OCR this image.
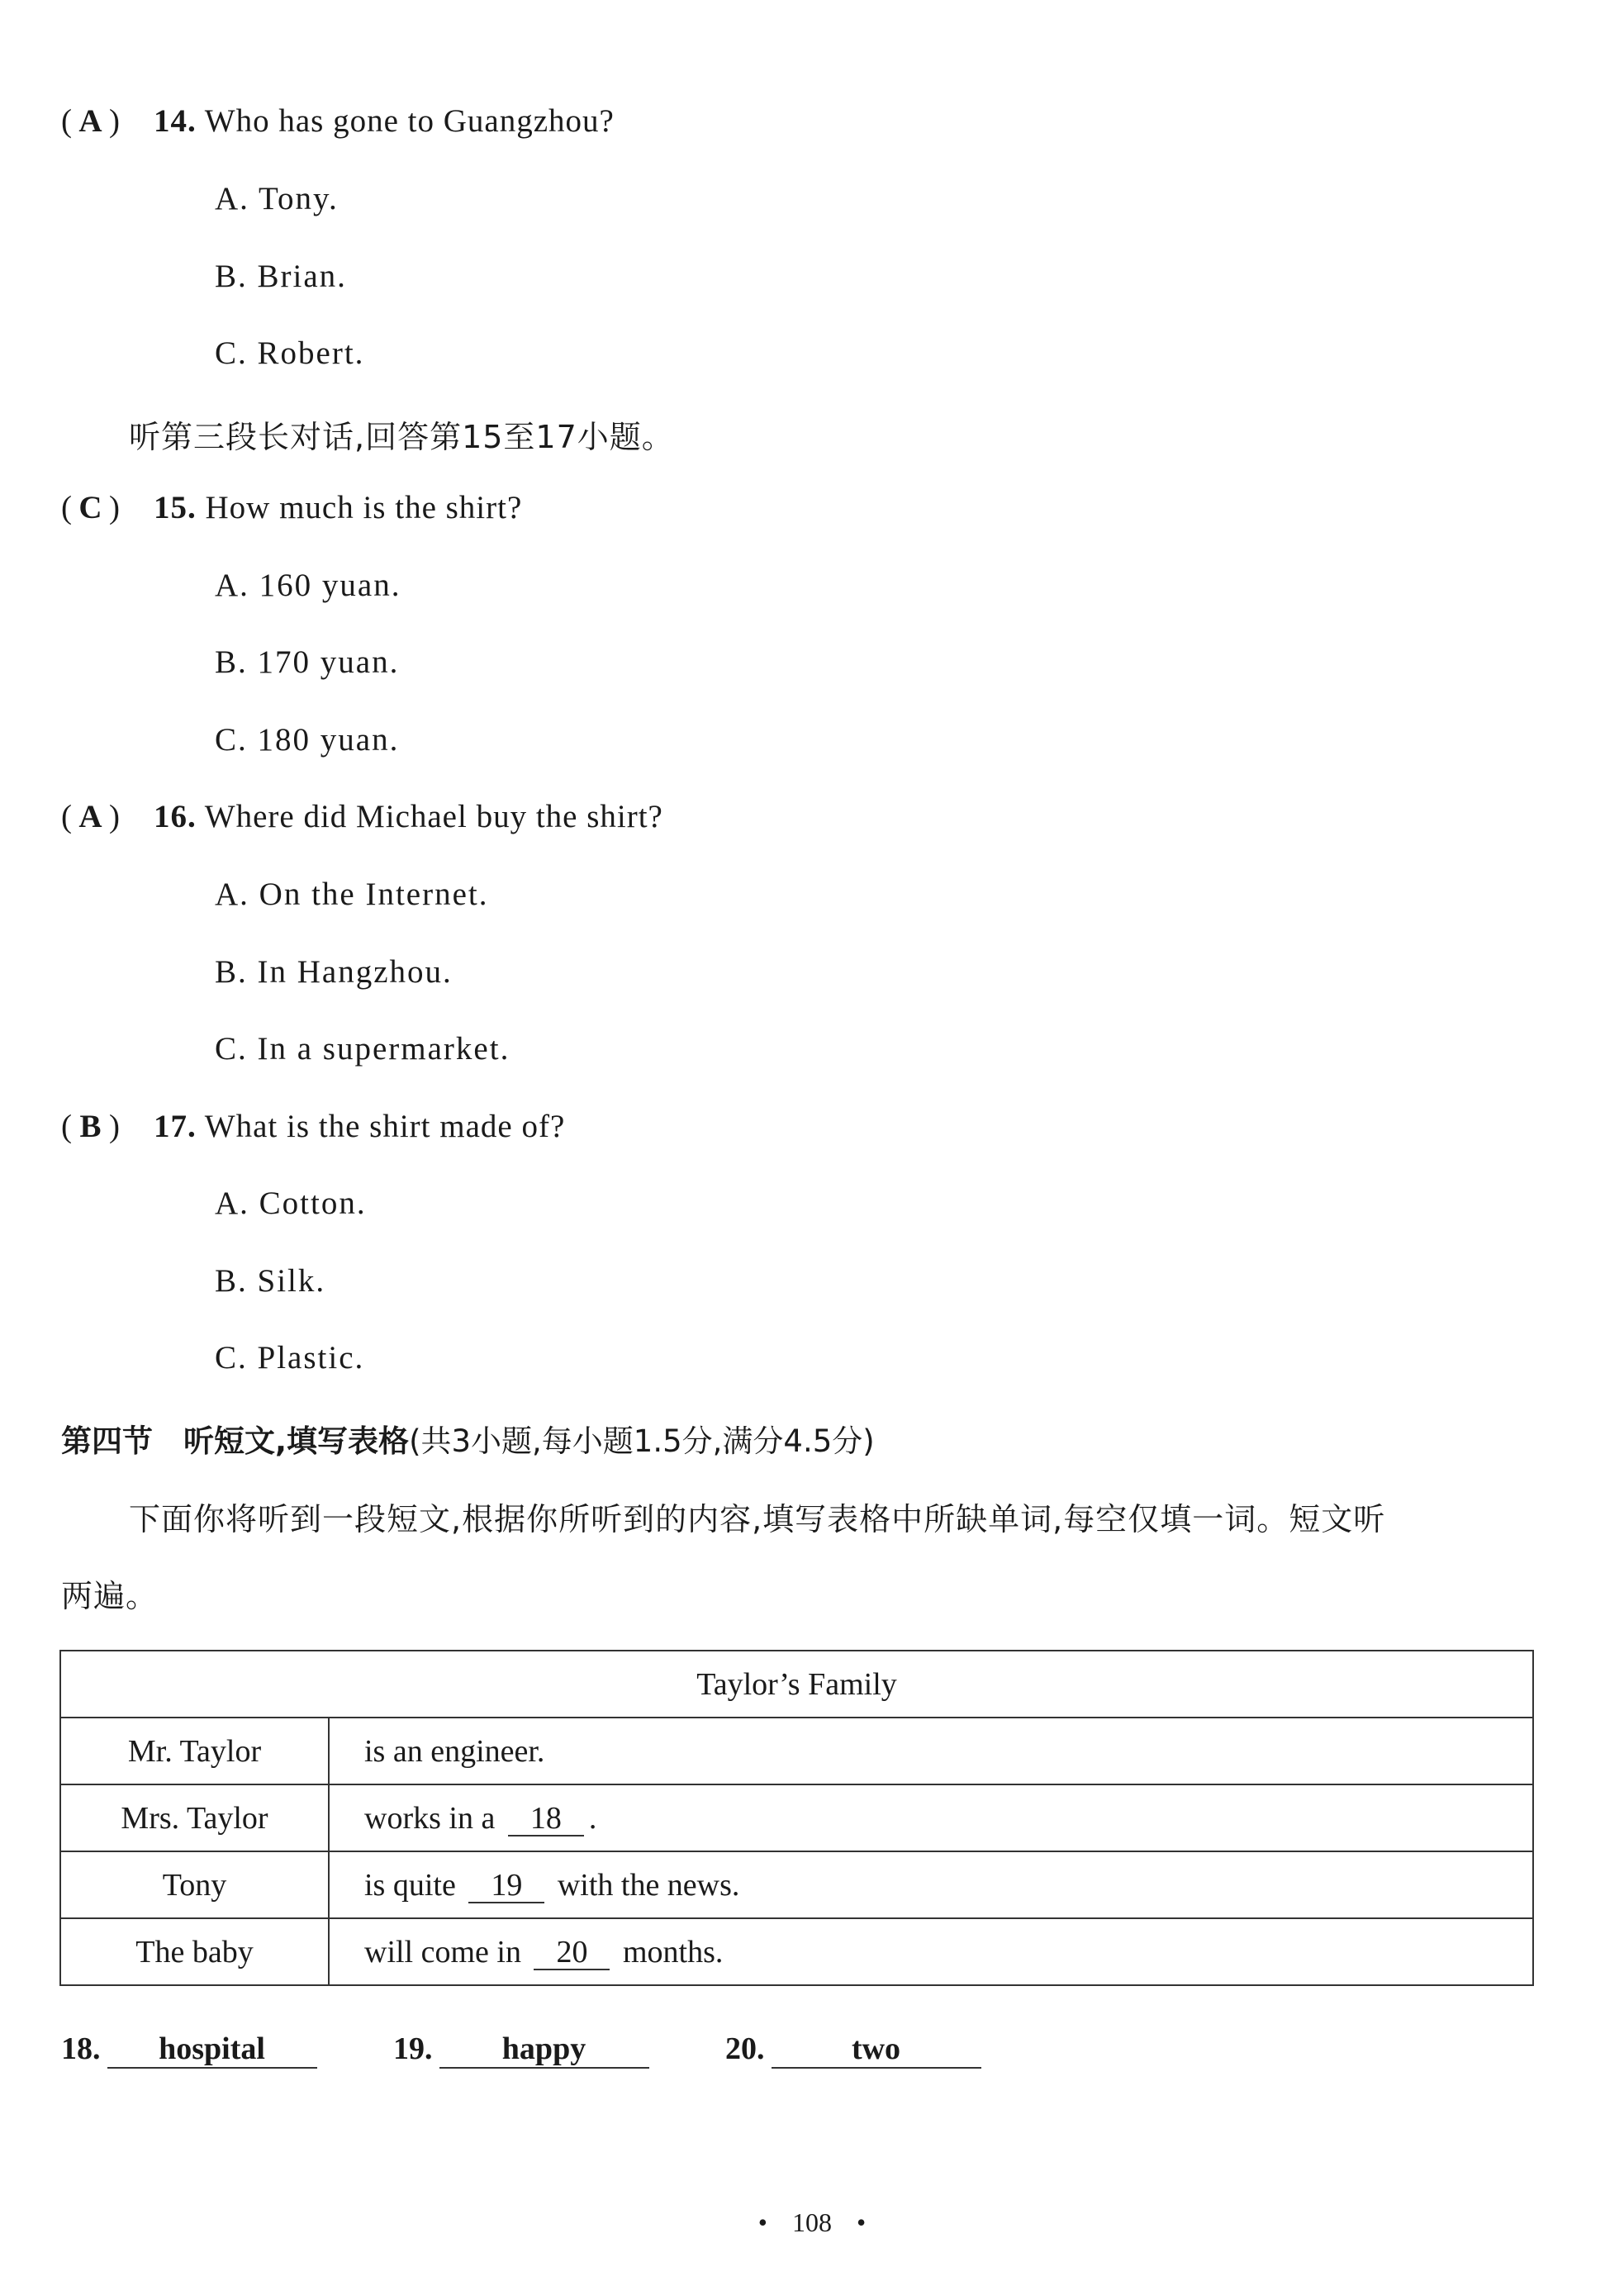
( A ) 14. Who has gone to Guangzhou?
A. Tony.
B. Brian.
C. Robert.
听第三段长对话,回答第15至17小题。
( C ) 15. How much is the shirt?
A. 160 yuan.
B. 170 yuan.
C. 180 yuan.
( A ) 16. Where did Michael buy the shirt?
A. On the Internet.
B. In Hangzhou.
C. In a supermarket.
( B ) 17. What is the shirt made of?
A. Cotton.
B. Silk.
C. Plastic.
第四节　听短文,填写表格(共3小题,每小题1.5分,满分4.5分)
下面你将听到一段短文,根据你所听到的内容,填写表格中所缺单词,每空仅填一词。短文听
两遍。
Taylor’s Family	
Mr. Taylor	is an engineer.
Mrs. Taylor	works in a 18 .
Tony	is quite 19 with the news.
The baby	will come in 20 months.
18. hospital	19. happy	20.	two
• 108 •
